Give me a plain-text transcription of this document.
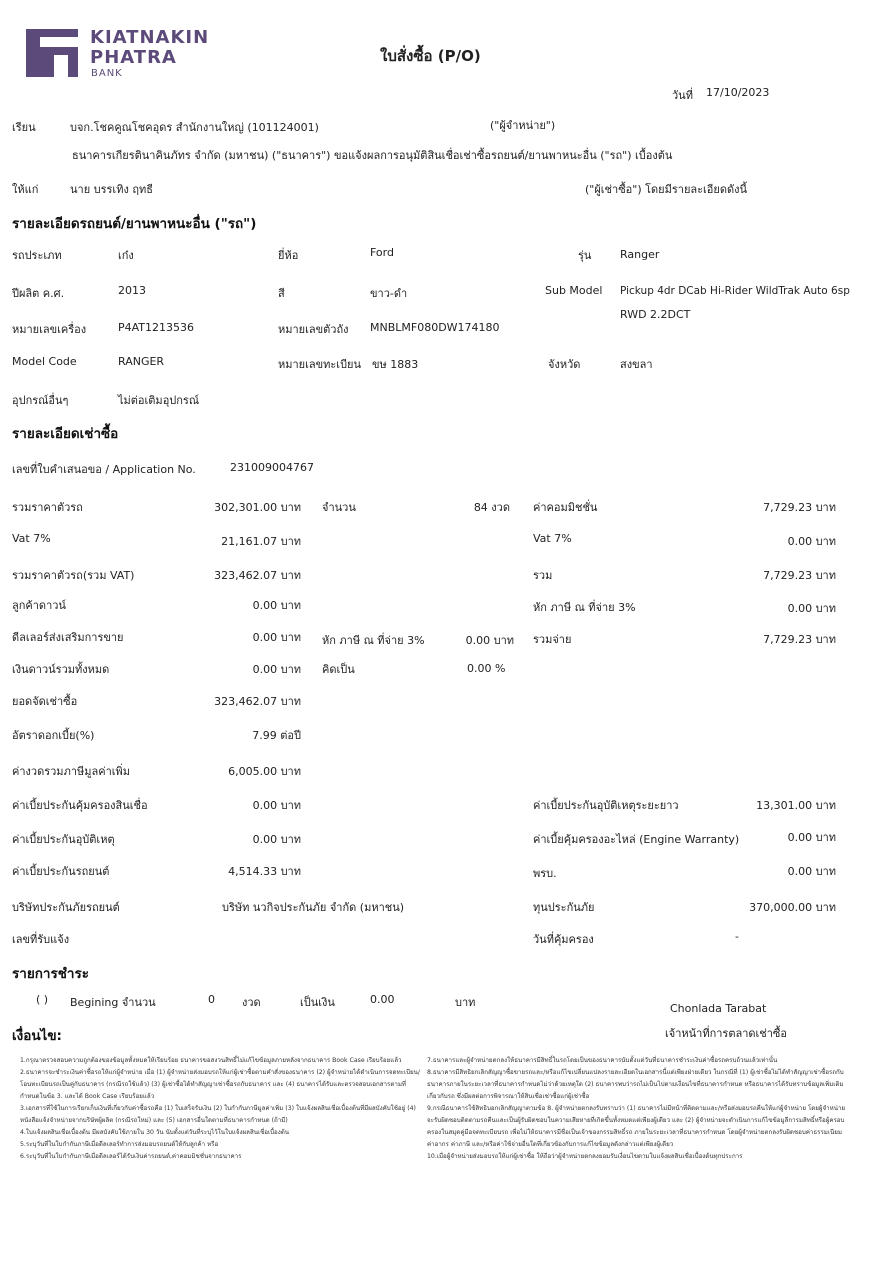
KIATNAKIN
PHATRA
BANK
ใบสั่งซื้อ (P/O)
วันที่ 17/10/2023
เรียน	บจก.โชคคูณโชคอุดร สำนักงานใหญ่ (101124001)	("ผู้จำหน่าย")
ธนาคารเกียรตินาคินภัทร จำกัด (มหาชน) ("ธนาคาร") ขอแจ้งผลการอนุมัติสินเชื่อเช่าซื้อรถยนต์/ยานพาหนะอื่น ("รถ") เบื้องต้น
ให้แก่	นาย บรรเทิง ฤทธี	("ผู้เช่าซื้อ") โดยมีรายละเอียดดังนี้
รายละเอียดรถยนต์/ยานพาหนะอื่น ("รถ")
รถประเภท	เก๋ง	ยี่ห้อ	Ford	รุ่น	Ranger
ปีผลิต ค.ศ.	2013	สี	ขาว-ดำ	Sub Model Pickup 4dr DCab Hi-Rider WildTrak Auto 6sp
RWD 2.2DCT
หมายเลขเครื่อง	P4AT1213536	หมายเลขตัวถัง MNBLMF080DW174180
Model Code	RANGER	หมายเลขทะเบียน ขษ 1883	จังหวัด	สงขลา
อุปกรณ์อื่นๆ	ไม่ต่อเติมอุปกรณ์
รายละเอียดเช่าซื้อ
เลขที่ใบคำเสนอขอ / Application No.	231009004767
รวมราคาตัวรถ	302,301.00 บาท จำนวน	84 งวด ค่าคอมมิชชั่น	7,729.23 บาท
Vat 7%	21,161.07 บาท	Vat 7%	0.00 บาท
รวมราคาตัวรถ(รวม VAT)	323,462.07 บาท	รวม	7,729.23 บาท
ลูกค้าดาวน์	0.00 บาท	หัก ภาษี ณ ที่จ่าย 3%	0.00 บาท
ดีลเลอร์ส่งเสริมการขาย	0.00 บาท หัก ภาษี ณ ที่จ่าย 3%	0.00 บาท รวมจ่าย	7,729.23 บาท
เงินดาวน์รวมทั้งหมด	0.00 บาท คิดเป็น	0.00 %
ยอดจัดเช่าซื้อ	323,462.07 บาท
อัตราดอกเบี้ย(%)	7.99 ต่อปี
ค่างวดรวมภาษีมูลค่าเพิ่ม	6,005.00 บาท
ค่าเบี้ยประกันคุ้มครองสินเชื่อ	0.00 บาท	ค่าเบี้ยประกันอุบัติเหตุระยะยาว	13,301.00 บาท
ค่าเบี้ยประกันอุบัติเหตุ	0.00 บาท	ค่าเบี้ยคุ้มครองอะไหล่ (Engine Warranty)	0.00 บาท
ค่าเบี้ยประกันรถยนต์	4,514.33 บาท	พรบ.	0.00 บาท
บริษัทประกันภัยรถยนต์	บริษัท นวกิจประกันภัย จำกัด (มหาชน)	ทุนประกันภัย	370,000.00 บาท
เลขที่รับแจ้ง	วันที่คุ้มครอง	-
รายการชำระ
( ) Begining จำนวน	0 งวด	เป็นเงิน	0.00	บาท	Chonlada Tarabat
เจ้าหน้าที่การตลาดเช่าซื้อ
เงื่อนไข:

1.กรุณาตรวจสอบความถูกต้องของข้อมูลทั้งหมดให้เรียบร้อย ธนาคารขอสงวนสิทธิ์ไม่แก้ไขข้อมูลภายหลังจากธนาคาร Book Case เรียบร้อยแล้ว

2.ธนาคารจะชำระเงินค่าซื้อรถให้แก่ผู้จำหน่าย เมื่อ (1) ผู้จำหน่ายส่งมอบรถให้แก่ผู้เช่าซื้อตามคำสั่งของธนาคาร (2) ผู้จำหน่ายได้ดำเนินการจดทะเบียน/โอนทะเบียนรถเป็นคู่กับธนาคาร (กรณีรถใช้แล้ว) (3) ผู้เช่าซื้อได้ทำสัญญาเช่าซื้อรถกับธนาคาร และ (4) ธนาคารได้รับและตรวจสอบเอกสารตามที่กำหนดในข้อ 3. และได้ Book Case เรียบร้อยแล้ว

3.เอกสารที่ใช้ในการเรียกเก็บเงินที่เกี่ยวกับค่าซื้อรถคือ (1) ใบเสร็จรับเงิน (2) ใบกำกับภาษีมูลค่าเพิ่ม (3) ใบแจ้งผลสินเชื่อเบื้องต้นที่มีผลบังคับใช้อยู่ (4) หนังสือแจ้งจำหน่ายจากบริษัทผู้ผลิต (กรณีรถใหม่) และ (5) เอกสารอื่นใดตามที่ธนาคารกำหนด (ถ้ามี)

4.ใบแจ้งผลสินเชื่อเบื้องต้น มีผลบังคับใช้ภายใน 30 วัน นับตั้งแต่วันที่ระบุไว้ในใบแจ้งผลสินเชื่อเบื้องต้น

5.ระบุวันที่ในใบกำกับภาษีเมื่อดีลเลอร์ทำการส่งมอบรถยนต์ให้กับลูกค้า หรือ

6.ระบุวันที่ในใบกำกับภาษีเมื่อดีลเลอร์ได้รับเงินค่ารถยนต์,ค่าคอมมิชชั่นจากธนาคาร

7.ธนาคารและผู้จำหน่ายตกลงให้ธนาคารมีสิทธิ์ในรถโดยเป็นของธนาคารนับตั้งแต่วันที่ธนาคารชำระเงินค่าซื้อรถครบถ้วนแล้วเท่านั้น

8.ธนาคารมีสิทธิยกเลิกสัญญาซื้อขายรถและ/หรือแก้ไขเปลี่ยนแปลงรายละเอียดในเอกสารนี้แต่เพียงฝ่ายเดียว ในกรณีที่ (1) ผู้เช่าซื้อไม่ได้ทำสัญญาเช่าซื้อรถกับธนาคารภายในระยะเวลาที่ธนาคารกำหนดไม่ว่าด้วยเหตุใด (2) ธนาคารพบว่ารถไม่เป็นไปตามเงื่อนไขที่ธนาคารกำหนด หรือธนาคารได้รับทราบข้อมูลเพิ่มเติมเกี่ยวกับรถ ซึ่งมีผลต่อการพิจารณาให้สินเชื่อเช่าซื้อแก่ผู้เช่าซื้อ

9.กรณีธนาคารใช้สิทธิบอกเลิกสัญญาตามข้อ 8. ผู้จำหน่ายตกลงรับทราบว่า (1) ธนาคารไม่มีหน้าที่ติดตามและ/หรือส่งมอบรถคืนให้แก่ผู้จำหน่าย โดยผู้จำหน่ายจะรับผิดชอบติดตามรถคืนและเป็นผู้รับผิดชอบในความเสียหายที่เกิดขึ้นทั้งหมดแต่เพียงผู้เดียว และ (2) ผู้จำหน่ายจะดำเนินการแก้ไขข้อมูลีการมสิทธิ์หรือผู้ครอบครองในสมุดคู่มือจดทะเบียนรถ เพื่อไม่ให้ธนาคารมีชื่อเป็นเจ้าของกรรมสิทธิ์รถ ภายในระยะเวลาที่ธนาคารกำหนด โดยผู้จำหน่ายตกลงรับผิดชอบค่าธรรมเนียม ค่าอากร ค่าภาษี และ/หรือค่าใช้จ่ายอื่นใดที่เกี่ยวข้องกับการแก้ไขข้อมูลดังกล่าวแต่เพียงผู้เดียว

10.เมื่อผู้จำหน่ายส่งมอบรถให้แก่ผู้เช่าซื้อ ให้ถือว่าผู้จำหน่ายตกลงยอมรับเงื่อนไขตามใบแจ้งผลสินเชื่อเบื้องต้นทุกประการ
